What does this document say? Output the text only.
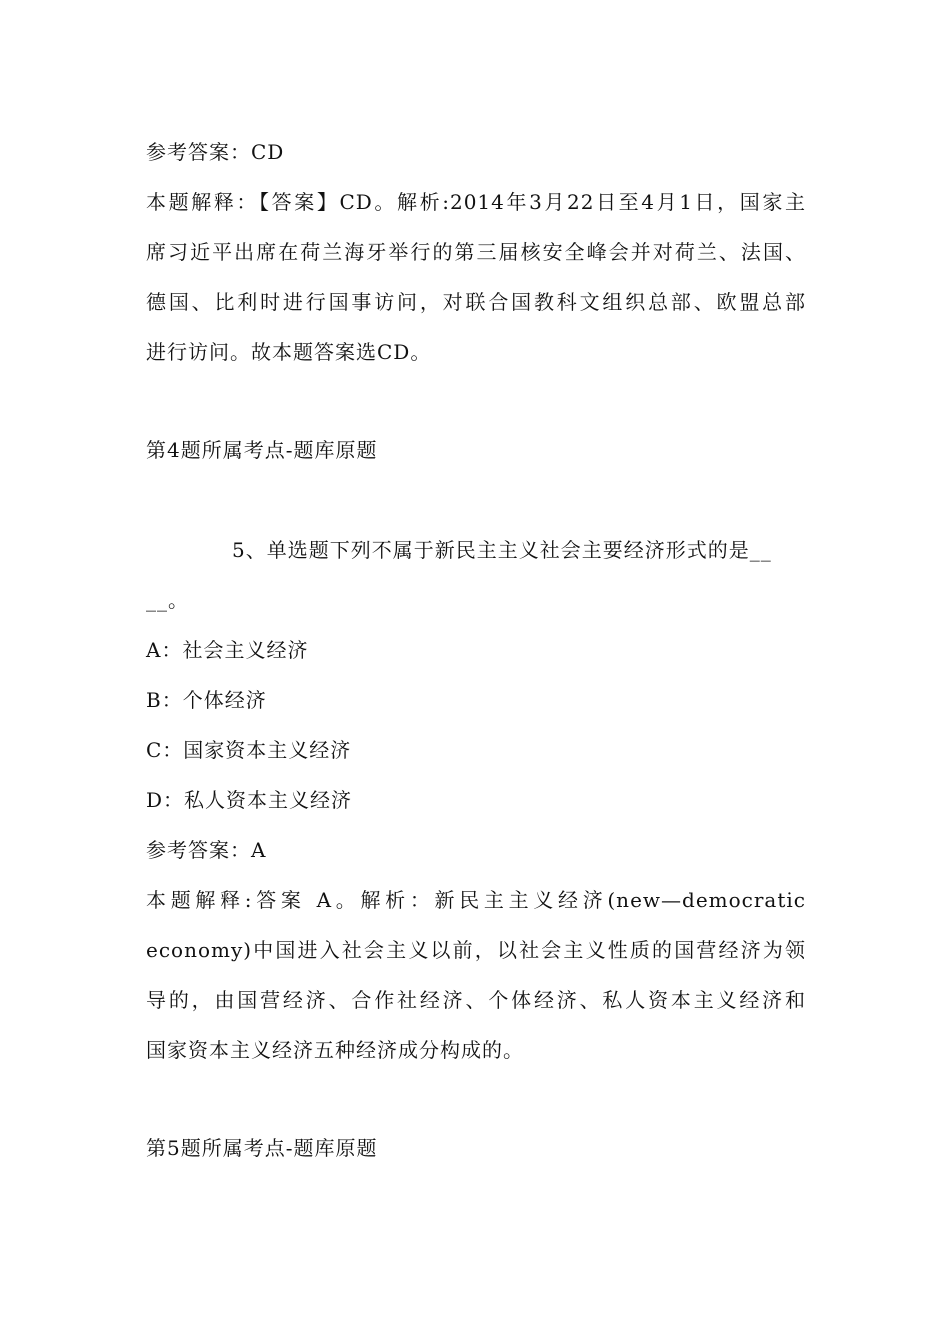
参考答案：CD
本题解释：【答案】CD。解析:2014年3月22日至4月1日，国家主
席习近平出席在荷兰海牙举行的第三届核安全峰会并对荷兰、法国、
德国、比利时进行国事访问，对联合国教科文组织总部、欧盟总部
进行访问。故本题答案选CD。
第4题所属考点-题库原题
5、单选题下列不属于新民主主义社会主要经济形式的是__
__。
A：社会主义经济
B：个体经济
C：国家资本主义经济
D：私人资本主义经济
参考答案：A
本题解释:答案 A。解析：新民主主义经济(new—democratic
economy)中国进入社会主义以前，以社会主义性质的国营经济为领
导的，由国营经济、合作社经济、个体经济、私人资本主义经济和
国家资本主义经济五种经济成分构成的。
第5题所属考点-题库原题
